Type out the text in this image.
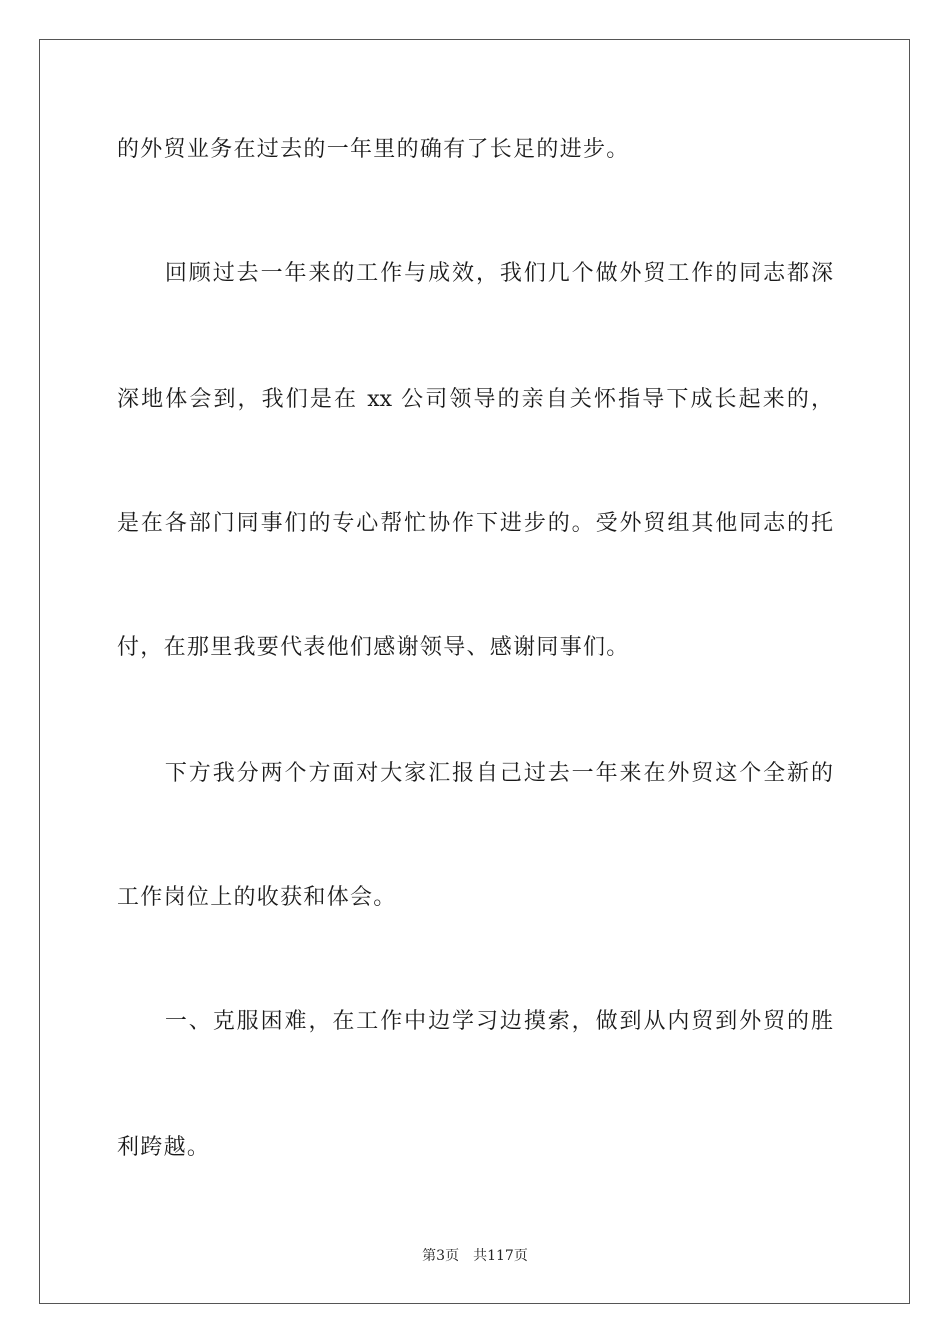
的外贸业务在过去的一年里的确有了长足的进步。
　　回顾过去一年来的工作与成效，我们几个做外贸工作的同志都深
深地体会到，我们是在 xx 公司领导的亲自关怀指导下成长起来的，
是在各部门同事们的专心帮忙协作下进步的。受外贸组其他同志的托
付，在那里我要代表他们感谢领导、感谢同事们。
　　下方我分两个方面对大家汇报自己过去一年来在外贸这个全新的
工作岗位上的收获和体会。
　　一、克服困难，在工作中边学习边摸索，做到从内贸到外贸的胜
利跨越。
第3页 共117页
